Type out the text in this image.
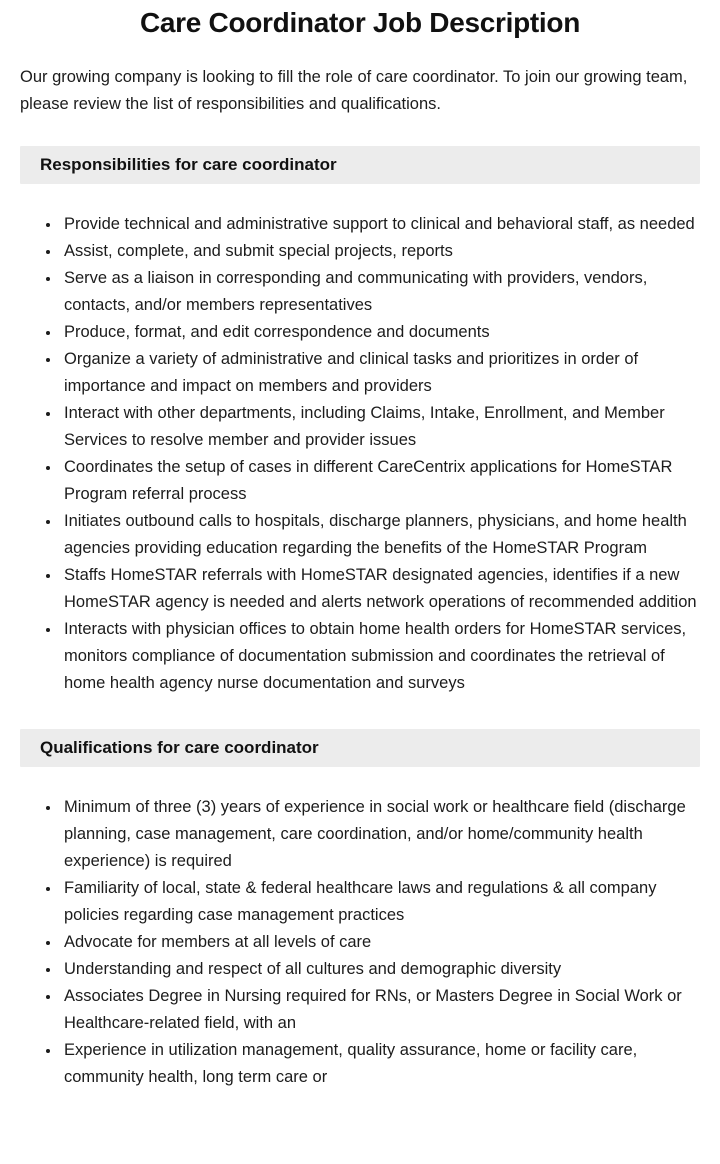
Care Coordinator Job Description

Our growing company is looking to fill the role of care coordinator. To join our growing team, please review the list of responsibilities and qualifications.

Responsibilities for care coordinator
• Provide technical and administrative support to clinical and behavioral staff, as needed
• Assist, complete, and submit special projects, reports
• Serve as a liaison in corresponding and communicating with providers, vendors, contacts, and/or members representatives
• Produce, format, and edit correspondence and documents
• Organize a variety of administrative and clinical tasks and prioritizes in order of importance and impact on members and providers
• Interact with other departments, including Claims, Intake, Enrollment, and Member Services to resolve member and provider issues
• Coordinates the setup of cases in different CareCentrix applications for HomeSTAR Program referral process
• Initiates outbound calls to hospitals, discharge planners, physicians, and home health agencies providing education regarding the benefits of the HomeSTAR Program
• Staffs HomeSTAR referrals with HomeSTAR designated agencies, identifies if a new HomeSTAR agency is needed and alerts network operations of recommended addition
• Interacts with physician offices to obtain home health orders for HomeSTAR services, monitors compliance of documentation submission and coordinates the retrieval of home health agency nurse documentation and surveys
Qualifications for care coordinator
• Minimum of three (3) years of experience in social work or healthcare field (discharge planning, case management, care coordination, and/or home/community health experience) is required
• Familiarity of local, state & federal healthcare laws and regulations & all company policies regarding case management practices
• Advocate for members at all levels of care
• Understanding and respect of all cultures and demographic diversity
• Associates Degree in Nursing required for RNs, or Masters Degree in Social Work or Healthcare-related field, with an
• Experience in utilization management, quality assurance, home or facility care, community health, long term care or
